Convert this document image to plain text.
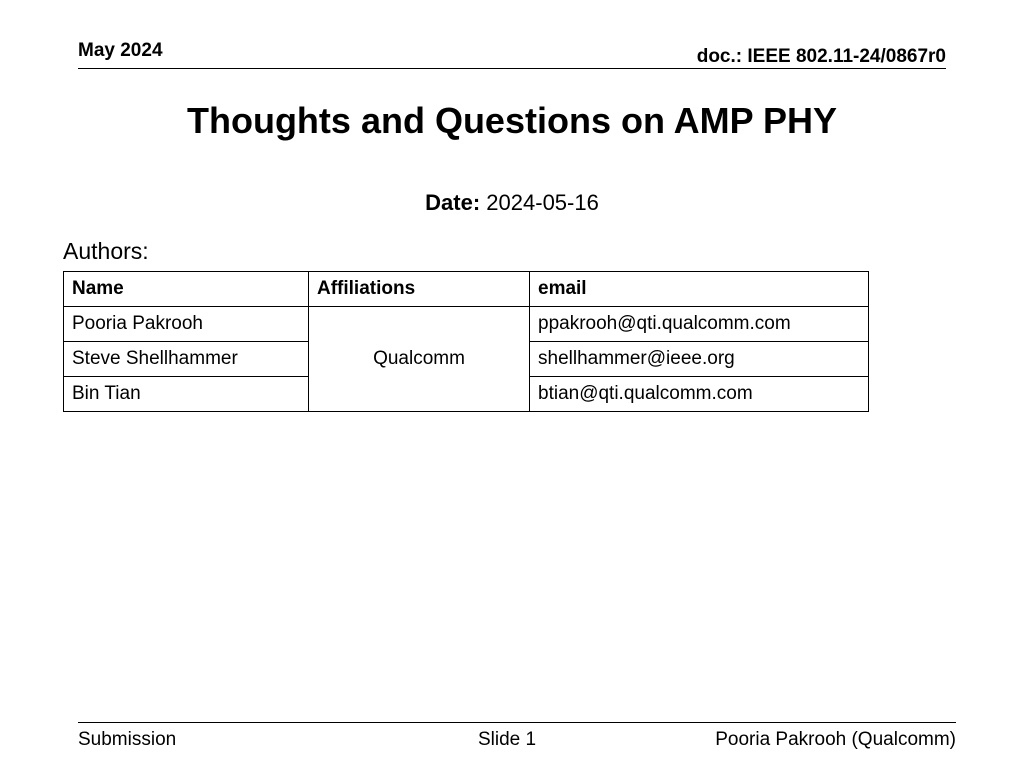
May 2024	doc.: IEEE 802.11-24/0867r0
Thoughts and Questions on AMP PHY
Date: 2024-05-16
Authors:
Name	Affiliations	email
Pooria Pakrooh	Qualcomm	ppakrooh@qti.qualcomm.com
Steve Shellhammer		shellhammer@ieee.org
Bin Tian		btian@qti.qualcomm.com
Submission	Slide 1	Pooria Pakrooh (Qualcomm)
